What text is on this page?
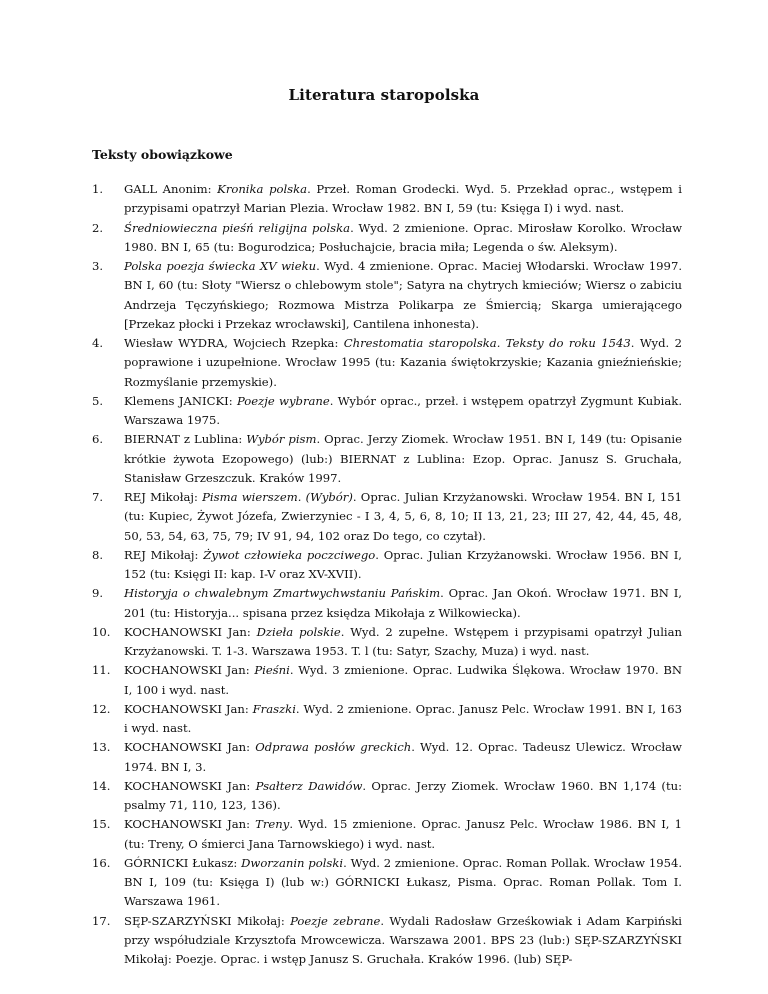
Literatura staropolska
Teksty obowiązkowe
1.	GALL Anonim: Kronika polska. Przeł. Roman Grodecki. Wyd. 5. Przekład oprac., wstępem i przypisami opatrzył Marian Plezia. Wrocław 1982. BN I, 59 (tu: Księga I) i wyd. nast.
2.	Średniowieczna pieśń religijna polska. Wyd. 2 zmienione. Oprac. Mirosław Korolko. Wrocław 1980. BN I, 65 (tu: Bogurodzica; Posłuchajcie, bracia miła; Legenda o św. Aleksym).
3.	Polska poezja świecka XV wieku. Wyd. 4 zmienione. Oprac. Maciej Włodarski. Wrocław 1997. BN I, 60 (tu: Słoty "Wiersz o chlebowym stole"; Satyra na chytrych kmieciów; Wiersz o zabiciu Andrzeja Tęczyńskiego; Rozmowa Mistrza Polikarpa ze Śmiercią; Skarga umierającego [Przekaz płocki i Przekaz wrocławski], Cantilena inhonesta).
4.	Wiesław WYDRA, Wojciech Rzepka: Chrestomatia staropolska. Teksty do roku 1543. Wyd. 2 poprawione i uzupełnione. Wrocław 1995 (tu: Kazania świętokrzyskie; Kazania gnieźnieńskie; Rozmyślanie przemyskie).
5.	Klemens JANICKI: Poezje wybrane. Wybór oprac., przeł. i wstępem opatrzył Zygmunt Kubiak. Warszawa 1975.
6.	BIERNAT z Lublina: Wybór pism. Oprac. Jerzy Ziomek. Wrocław 1951. BN I, 149 (tu: Opisanie krótkie żywota Ezopowego) (lub:) BIERNAT z Lublina: Ezop. Oprac. Janusz S. Gruchała, Stanisław Grzeszczuk. Kraków 1997.
7.	REJ Mikołaj: Pisma wierszem. (Wybór). Oprac. Julian Krzyżanowski. Wrocław 1954. BN I, 151 (tu: Kupiec, Żywot Józefa, Zwierzyniec - I 3, 4, 5, 6, 8, 10; II 13, 21, 23; III 27, 42, 44, 45, 48, 50, 53, 54, 63, 75, 79; IV 91, 94, 102 oraz Do tego, co czytał).
8.	REJ Mikołaj: Żywot człowieka poczciwego. Oprac. Julian Krzyżanowski. Wrocław 1956. BN I, 152 (tu: Księgi II: kap. I-V oraz XV-XVII).
9.	Historyja o chwalebnym Zmartwychwstaniu Pańskim. Oprac. Jan Okoń. Wrocław 1971. BN I, 201 (tu: Historyja... spisana przez księdza Mikołaja z Wilkowiecka).
10.	KOCHANOWSKI Jan: Dzieła polskie. Wyd. 2 zupełne. Wstępem i przypisami opatrzył Julian Krzyżanowski. T. 1-3. Warszawa 1953. T. l (tu: Satyr, Szachy, Muza) i wyd. nast.
11.	KOCHANOWSKI Jan: Pieśni. Wyd. 3 zmienione. Oprac. Ludwika Ślękowa. Wrocław 1970. BN I, 100 i wyd. nast.
12.	KOCHANOWSKI Jan: Fraszki. Wyd. 2 zmienione. Oprac. Janusz Pelc. Wrocław 1991. BN I, 163 i wyd. nast.
13.	KOCHANOWSKI Jan: Odprawa posłów greckich. Wyd. 12. Oprac. Tadeusz Ulewicz. Wrocław 1974. BN I, 3.
14.	KOCHANOWSKI Jan: Psałterz Dawidów. Oprac. Jerzy Ziomek. Wrocław 1960. BN 1,174 (tu: psalmy 71, 110, 123, 136).
15.	KOCHANOWSKI Jan: Treny. Wyd. 15 zmienione. Oprac. Janusz Pelc. Wrocław 1986. BN I, 1 (tu: Treny, O śmierci Jana Tarnowskiego) i wyd. nast.
16.	GÓRNICKI Łukasz: Dworzanin polski. Wyd. 2 zmienione. Oprac. Roman Pollak. Wrocław 1954. BN I, 109 (tu: Księga I) (lub w:) GÓRNICKI Łukasz, Pisma. Oprac. Roman Pollak. Tom I. Warszawa 1961.
17.	SĘP-SZARZYŃSKI Mikołaj: Poezje zebrane. Wydali Radosław Grześkowiak i Adam Karpiński przy współudziale Krzysztofa Mrowcewicza. Warszawa 2001. BPS 23 (lub:) SĘP-SZARZYŃSKI Mikołaj: Poezje. Oprac. i wstęp Janusz S. Gruchała. Kraków 1996. (lub) SĘP-
